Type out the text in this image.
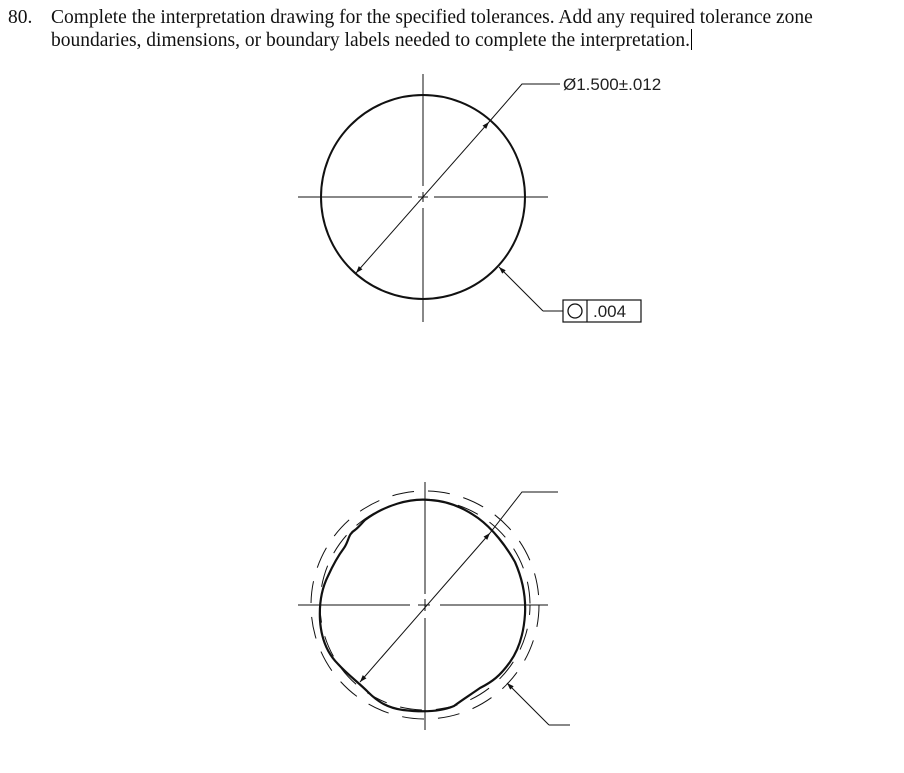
80. Complete the interpretation drawing for the specified tolerances. Add any required tolerance zone boundaries, dimensions, or boundary labels needed to complete the interpretation.
Ø1.500±.012
.004
